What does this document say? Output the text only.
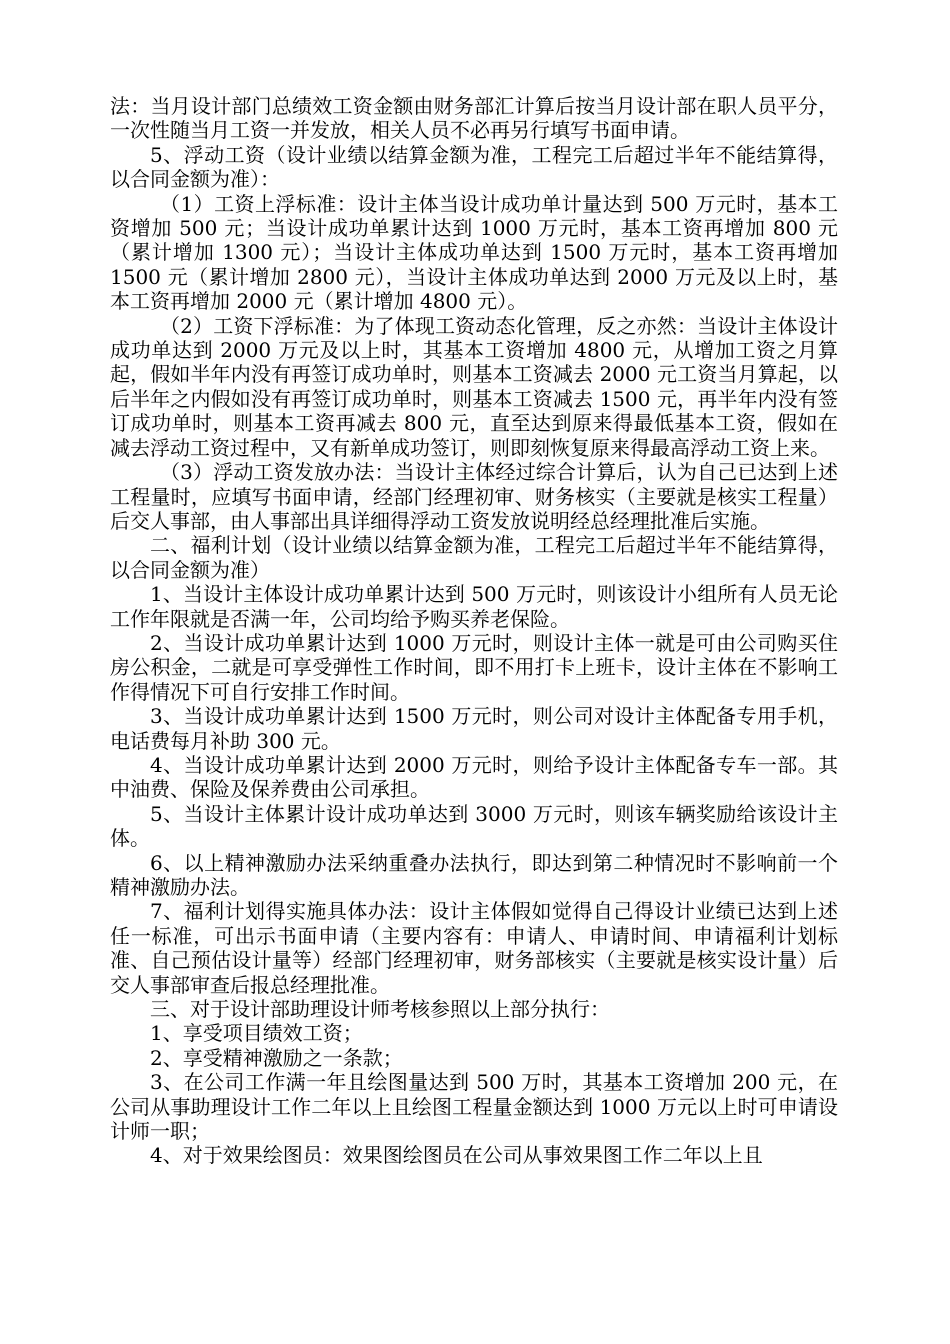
法：当月设计部门总绩效工资金额由财务部汇计算后按当月设计部在职人员平分，一次性随当月工资一并发放，相关人员不必再另行填写书面申请。

5、浮动工资（设计业绩以结算金额为准，工程完工后超过半年不能结算得，以合同金额为准）：

（1）工资上浮标准：设计主体当设计成功单计量达到 500 万元时，基本工资增加 500 元；当设计成功单累计达到 1000 万元时，基本工资再增加 800 元（累计增加 1300 元）；当设计主体成功单达到 1500 万元时，基本工资再增加 1500 元（累计增加 2800 元），当设计主体成功单达到 2000 万元及以上时，基本工资再增加 2000 元（累计增加 4800 元）。

（2）工资下浮标准：为了体现工资动态化管理，反之亦然：当设计主体设计成功单达到 2000 万元及以上时，其基本工资增加 4800 元，从增加工资之月算起，假如半年内没有再签订成功单时，则基本工资减去 2000 元工资当月算起，以后半年之内假如没有再签订成功单时，则基本工资减去 1500 元，再半年内没有签订成功单时，则基本工资再减去 800 元，直至达到原来得最低基本工资，假如在减去浮动工资过程中，又有新单成功签订，则即刻恢复原来得最高浮动工资上来。

（3）浮动工资发放办法：当设计主体经过综合计算后，认为自己已达到上述工程量时，应填写书面申请，经部门经理初审、财务核实（主要就是核实工程量）后交人事部，由人事部出具详细得浮动工资发放说明经总经理批准后实施。

二、福利计划（设计业绩以结算金额为准，工程完工后超过半年不能结算得，以合同金额为准）

1、当设计主体设计成功单累计达到 500 万元时，则该设计小组所有人员无论工作年限就是否满一年，公司均给予购买养老保险。

2、当设计成功单累计达到 1000 万元时，则设计主体一就是可由公司购买住房公积金，二就是可享受弹性工作时间，即不用打卡上班卡，设计主体在不影响工作得情况下可自行安排工作时间。

3、当设计成功单累计达到 1500 万元时，则公司对设计主体配备专用手机，电话费每月补助 300 元。

4、当设计成功单累计达到 2000 万元时，则给予设计主体配备专车一部。其中油费、保险及保养费由公司承担。

5、当设计主体累计设计成功单达到 3000 万元时，则该车辆奖励给该设计主体。

6、以上精神激励办法采纳重叠办法执行，即达到第二种情况时不影响前一个精神激励办法。

7、福利计划得实施具体办法：设计主体假如觉得自己得设计业绩已达到上述任一标准，可出示书面申请（主要内容有：申请人、申请时间、申请福利计划标准、自己预估设计量等）经部门经理初审，财务部核实（主要就是核实设计量）后交人事部审查后报总经理批准。

三、对于设计部助理设计师考核参照以上部分执行：

1、享受项目绩效工资；

2、享受精神激励之一条款；

3、在公司工作满一年且绘图量达到 500 万时，其基本工资增加 200 元，在公司从事助理设计工作二年以上且绘图工程量金额达到 1000 万元以上时可申请设计师一职；

4、对于效果绘图员：效果图绘图员在公司从事效果图工作二年以上且
